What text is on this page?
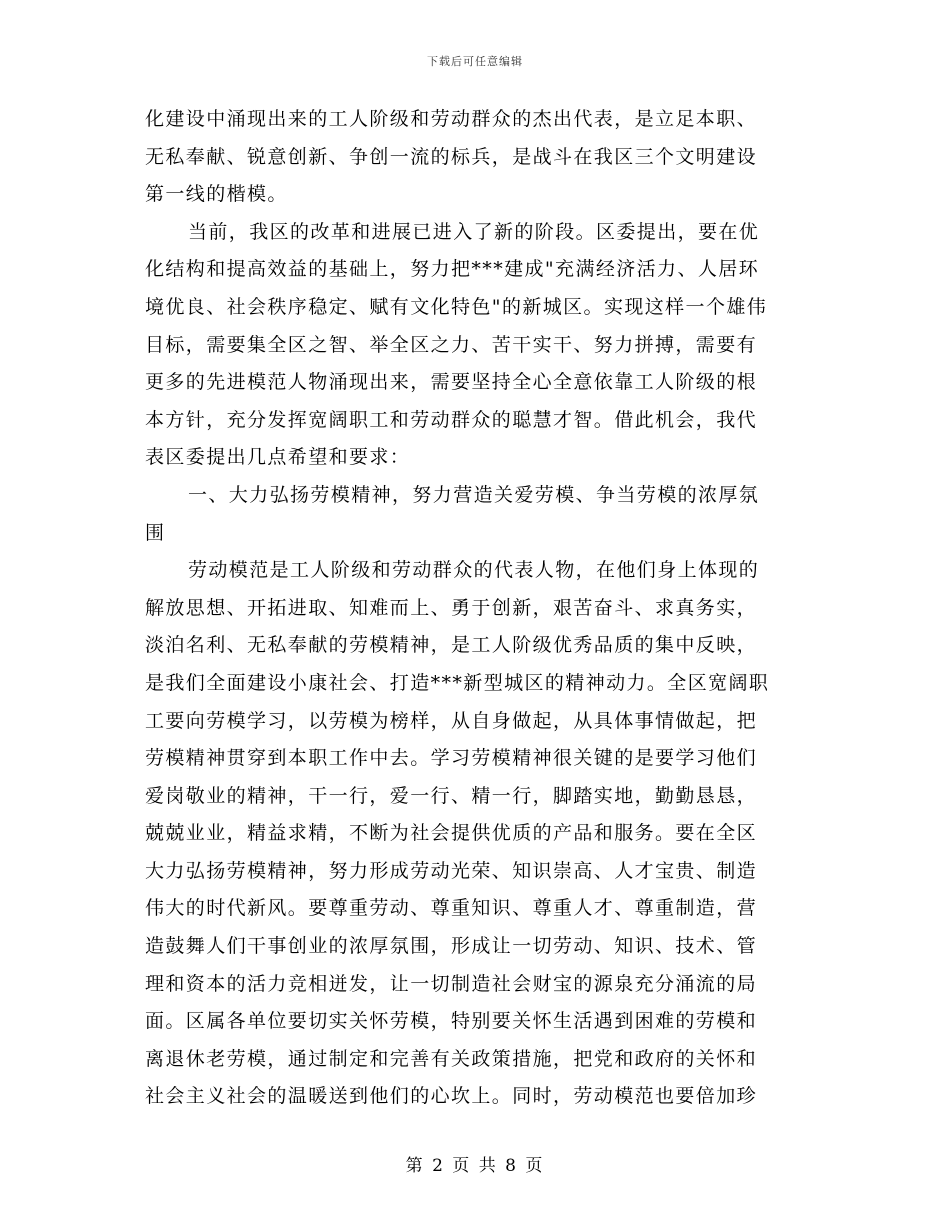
下载后可任意编辑
化建设中涌现出来的工人阶级和劳动群众的杰出代表，是立足本职、
无私奉献、锐意创新、争创一流的标兵，是战斗在我区三个文明建设
第一线的楷模。
当前，我区的改革和进展已进入了新的阶段。区委提出，要在优
化结构和提高效益的基础上，努力把***建成"充满经济活力、人居环
境优良、社会秩序稳定、赋有文化特色"的新城区。实现这样一个雄伟
目标，需要集全区之智、举全区之力、苦干实干、努力拼搏，需要有
更多的先进模范人物涌现出来，需要坚持全心全意依靠工人阶级的根
本方针，充分发挥宽阔职工和劳动群众的聪慧才智。借此机会，我代
表区委提出几点希望和要求：
一、大力弘扬劳模精神，努力营造关爱劳模、争当劳模的浓厚氛
围
劳动模范是工人阶级和劳动群众的代表人物，在他们身上体现的
解放思想、开拓进取、知难而上、勇于创新，艰苦奋斗、求真务实，
淡泊名利、无私奉献的劳模精神，是工人阶级优秀品质的集中反映，
是我们全面建设小康社会、打造***新型城区的精神动力。全区宽阔职
工要向劳模学习，以劳模为榜样，从自身做起，从具体事情做起，把
劳模精神贯穿到本职工作中去。学习劳模精神很关键的是要学习他们
爱岗敬业的精神，干一行，爱一行、精一行，脚踏实地，勤勤恳恳，
兢兢业业，精益求精，不断为社会提供优质的产品和服务。要在全区
大力弘扬劳模精神，努力形成劳动光荣、知识崇高、人才宝贵、制造
伟大的时代新风。要尊重劳动、尊重知识、尊重人才、尊重制造，营
造鼓舞人们干事创业的浓厚氛围，形成让一切劳动、知识、技术、管
理和资本的活力竞相迸发，让一切制造社会财宝的源泉充分涌流的局
面。区属各单位要切实关怀劳模，特别要关怀生活遇到困难的劳模和
离退休老劳模，通过制定和完善有关政策措施，把党和政府的关怀和
社会主义社会的温暖送到他们的心坎上。同时，劳动模范也要倍加珍
第 2 页 共 8 页
